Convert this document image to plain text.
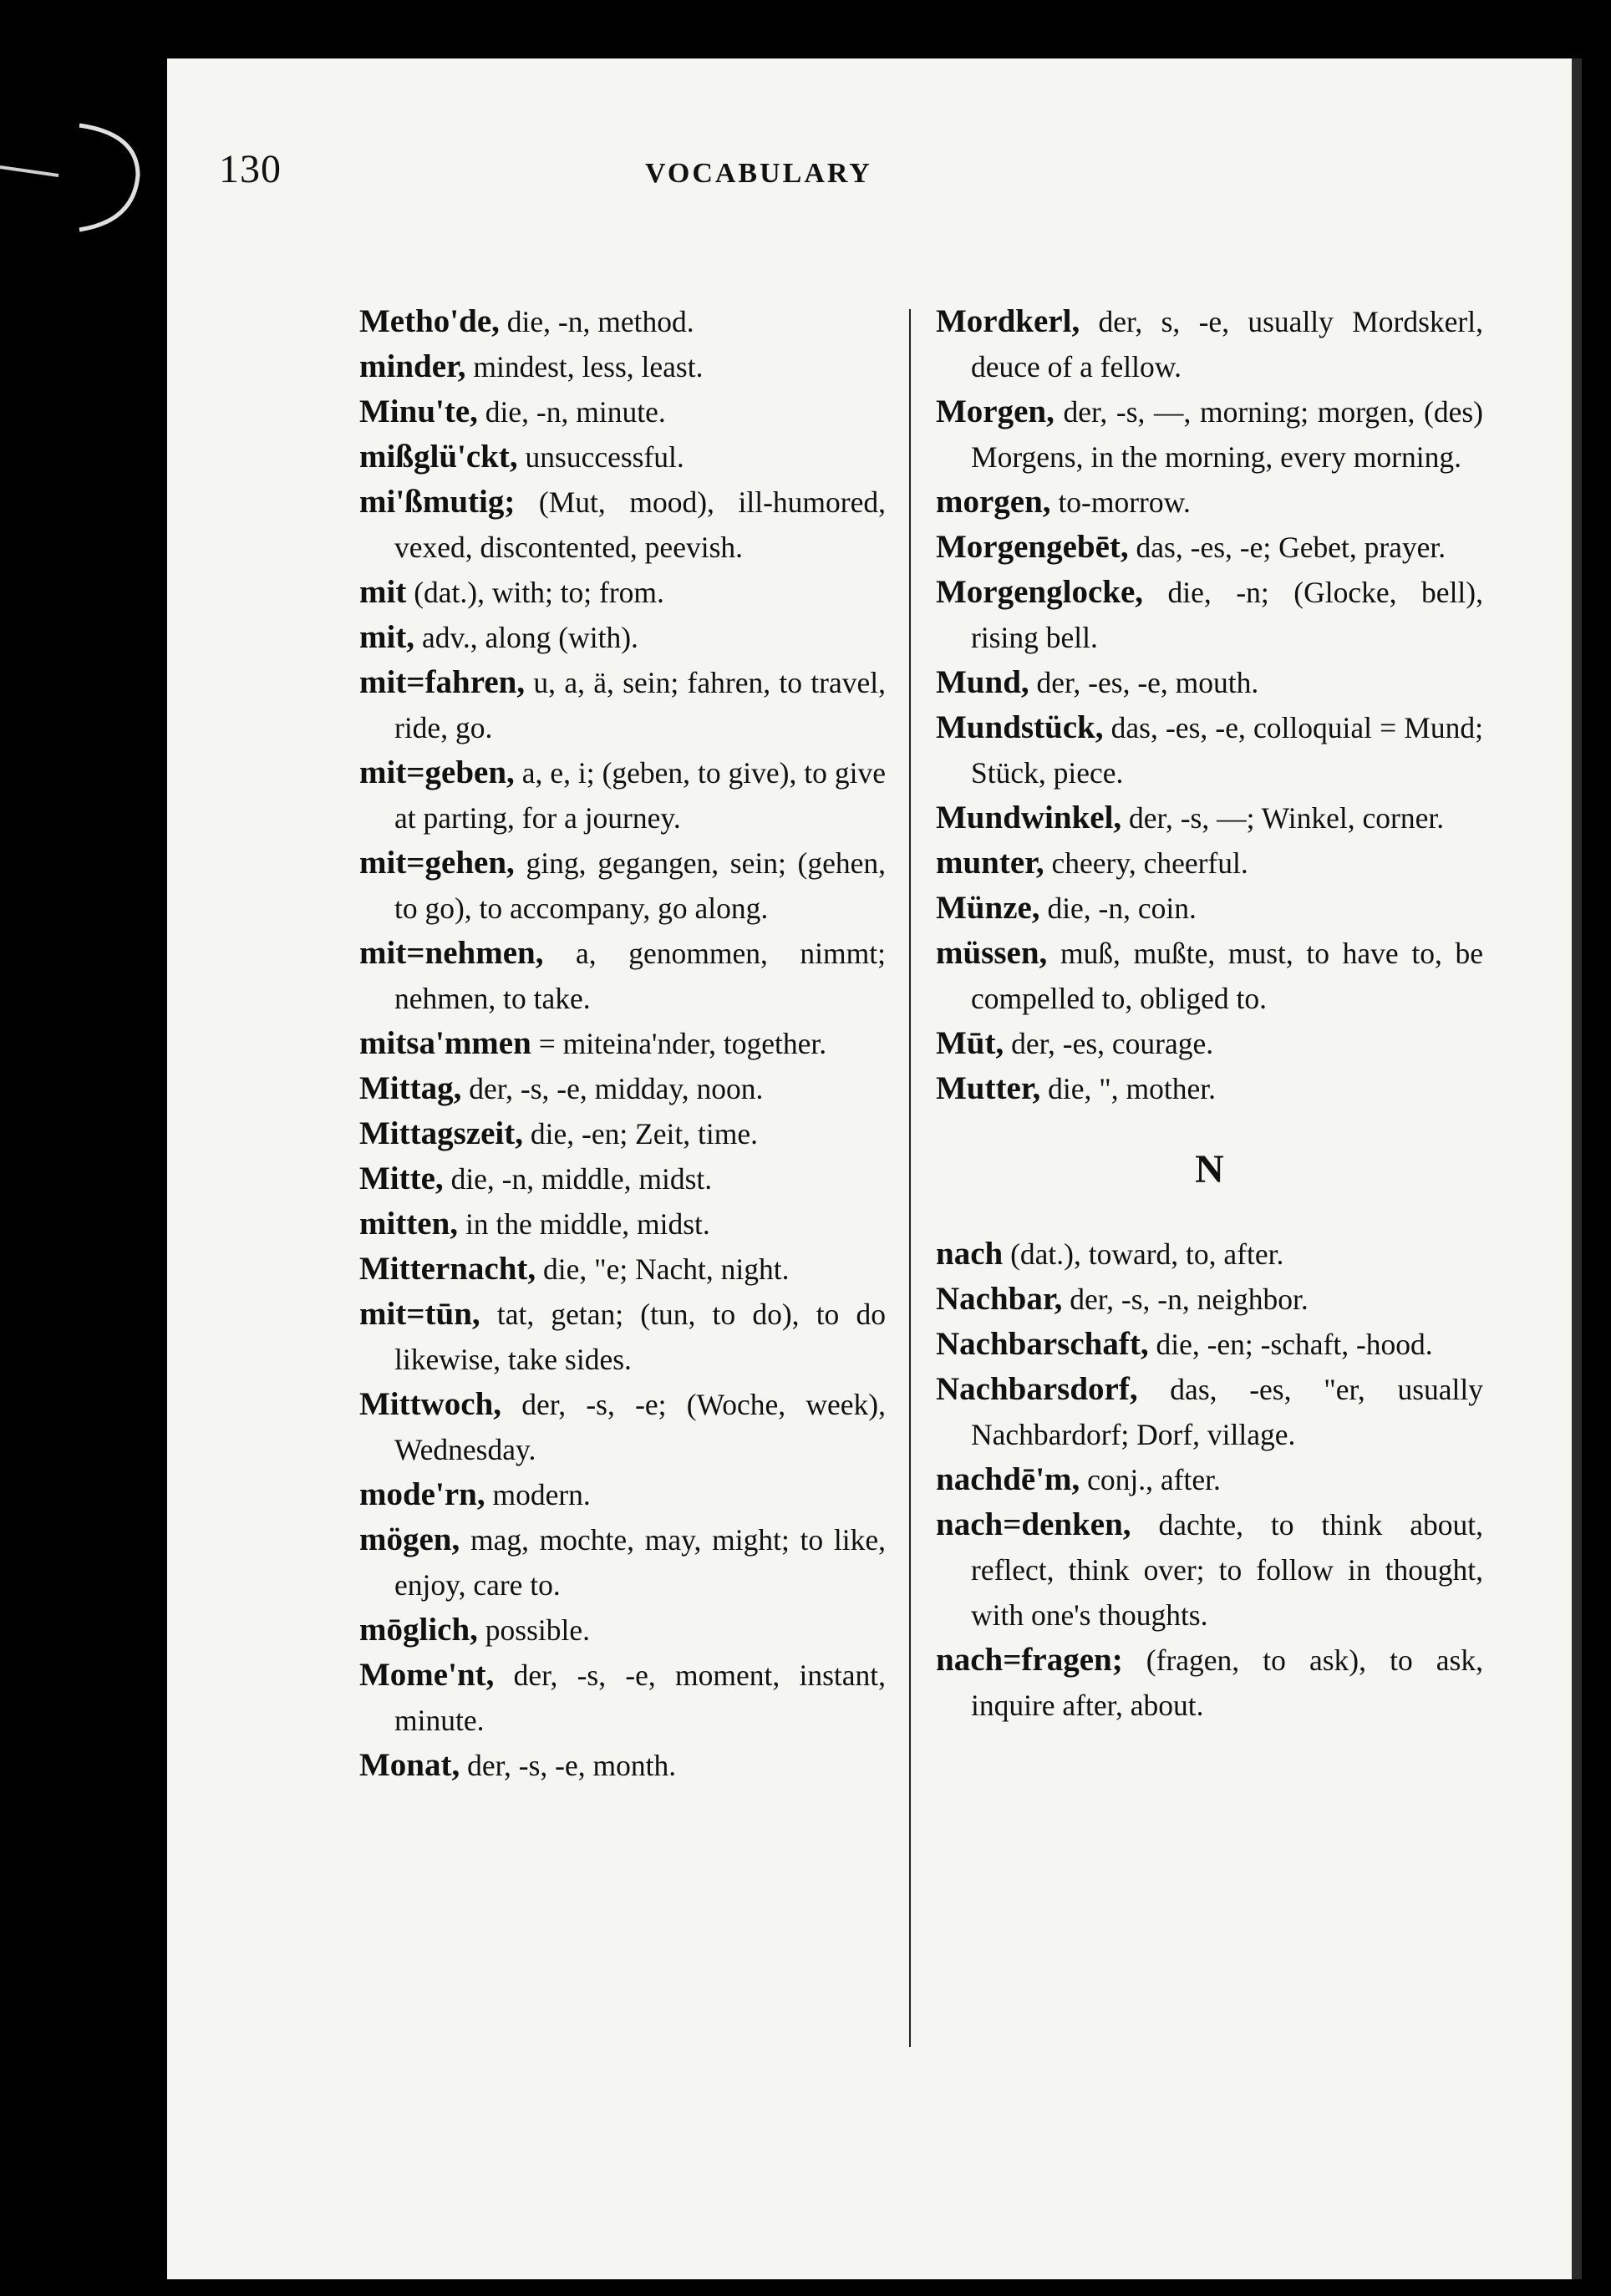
130	VOCABULARY

Metho'de, die, -n, method.

minder, mindest, less, least.

Minu'te, die, -n, minute.

mißglü'ckt, unsuccessful.

mi'ßmutig; (Mut, mood), ill-humored, vexed, discontented, peevish.

mit (dat.), with; to; from.

mit, adv., along (with).

mit=fahren, u, a, ä, sein; fahren, to travel, ride, go.

mit=geben, a, e, i; (geben, to give), to give at parting, for a journey.

mit=gehen, ging, gegangen, sein; (gehen, to go), to accompany, go along.

mit=nehmen, a, genommen, nimmt; nehmen, to take.

mitsa'mmen = miteina'nder, together.

Mittag, der, -s, -e, midday, noon.

Mittagszeit, die, -en; Zeit, time.

Mitte, die, -n, middle, midst.

mitten, in the middle, midst.

Mitternacht, die, "e; Nacht, night.

mit=tūn, tat, getan; (tun, to do), to do likewise, take sides.

Mittwoch, der, -s, -e; (Woche, week), Wednesday.

mode'rn, modern.

mögen, mag, mochte, may, might; to like, enjoy, care to.

mōglich, possible.

Mome'nt, der, -s, -e, moment, instant, minute.

Monat, der, -s, -e, month.

Mordkerl, der, s, -e, usually Mordskerl, deuce of a fellow.

Morgen, der, -s, —, morning; morgen, (des) Morgens, in the morning, every morning.

morgen, to-morrow.

Morgengebēt, das, -es, -e; Gebet, prayer.

Morgenglocke, die, -n; (Glocke, bell), rising bell.

Mund, der, -es, -e, mouth.

Mundstück, das, -es, -e, colloquial = Mund; Stück, piece.

Mundwinkel, der, -s, —; Winkel, corner.

munter, cheery, cheerful.

Münze, die, -n, coin.

müssen, muß, mußte, must, to have to, be compelled to, obliged to.

Mūt, der, -es, courage.

Mutter, die, ", mother.

N

nach (dat.), toward, to, after.

Nachbar, der, -s, -n, neighbor.

Nachbarschaft, die, -en; -schaft, -hood.

Nachbarsdorf, das, -es, "er, usually Nachbardorf; Dorf, village.

nachdē'm, conj., after.

nach=denken, dachte, to think about, reflect, think over; to follow in thought, with one's thoughts.

nach=fragen; (fragen, to ask), to ask, inquire after, about.
